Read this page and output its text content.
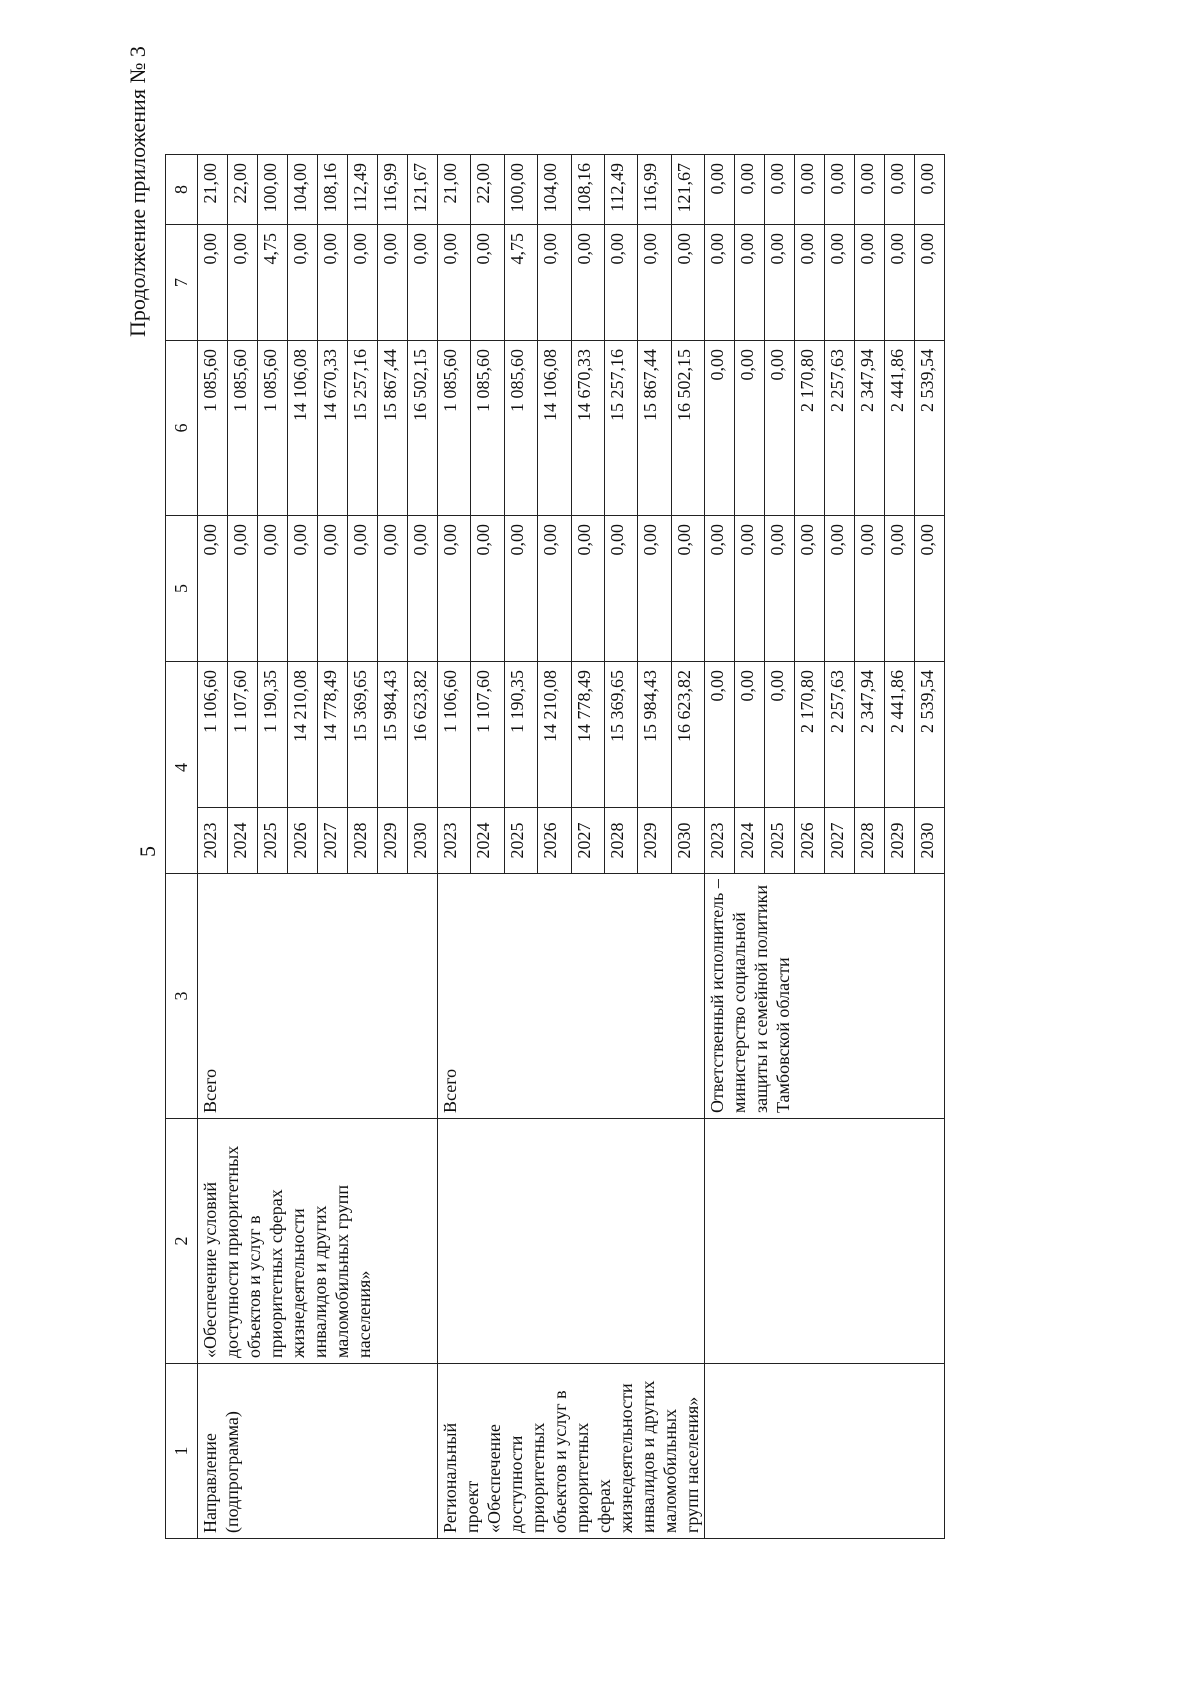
5
Продолжение приложения № 3
1	2	3	4		5	6	7	8
Направление (подпрограмма)	«Обеспечение условий доступности приоритетных объектов и услуг в приоритетных сферах жизнедеятельности инвалидов и других маломобильных групп населения»	Всего	2023	1 106,60	0,00	1 085,60	0,00	21,00
			2024	1 107,60	0,00	1 085,60	0,00	22,00
			2025	1 190,35	0,00	1 085,60	4,75	100,00
			2026	14 210,08	0,00	14 106,08	0,00	104,00
			2027	14 778,49	0,00	14 670,33	0,00	108,16
			2028	15 369,65	0,00	15 257,16	0,00	112,49
			2029	15 984,43	0,00	15 867,44	0,00	116,99
			2030	16 623,82	0,00	16 502,15	0,00	121,67
Региональный проект «Обеспечение доступности приоритетных объектов и услуг в приоритетных сферах жизнедеятельности инвалидов и других маломобильных групп населения»		Всего	2023	1 106,60	0,00	1 085,60	0,00	21,00
			2024	1 107,60	0,00	1 085,60	0,00	22,00
			2025	1 190,35	0,00	1 085,60	4,75	100,00
			2026	14 210,08	0,00	14 106,08	0,00	104,00
			2027	14 778,49	0,00	14 670,33	0,00	108,16
			2028	15 369,65	0,00	15 257,16	0,00	112,49
			2029	15 984,43	0,00	15 867,44	0,00	116,99
			2030	16 623,82	0,00	16 502,15	0,00	121,67
		Ответственный исполнитель – министерство социальной защиты и семейной политики Тамбовской области	2023	0,00	0,00	0,00	0,00	0,00
			2024	0,00	0,00	0,00	0,00	0,00
			2025	0,00	0,00	0,00	0,00	0,00
			2026	2 170,80	0,00	2 170,80	0,00	0,00
			2027	2 257,63	0,00	2 257,63	0,00	0,00
			2028	2 347,94	0,00	2 347,94	0,00	0,00
			2029	2 441,86	0,00	2 441,86	0,00	0,00
			2030	2 539,54	0,00	2 539,54	0,00	0,00
